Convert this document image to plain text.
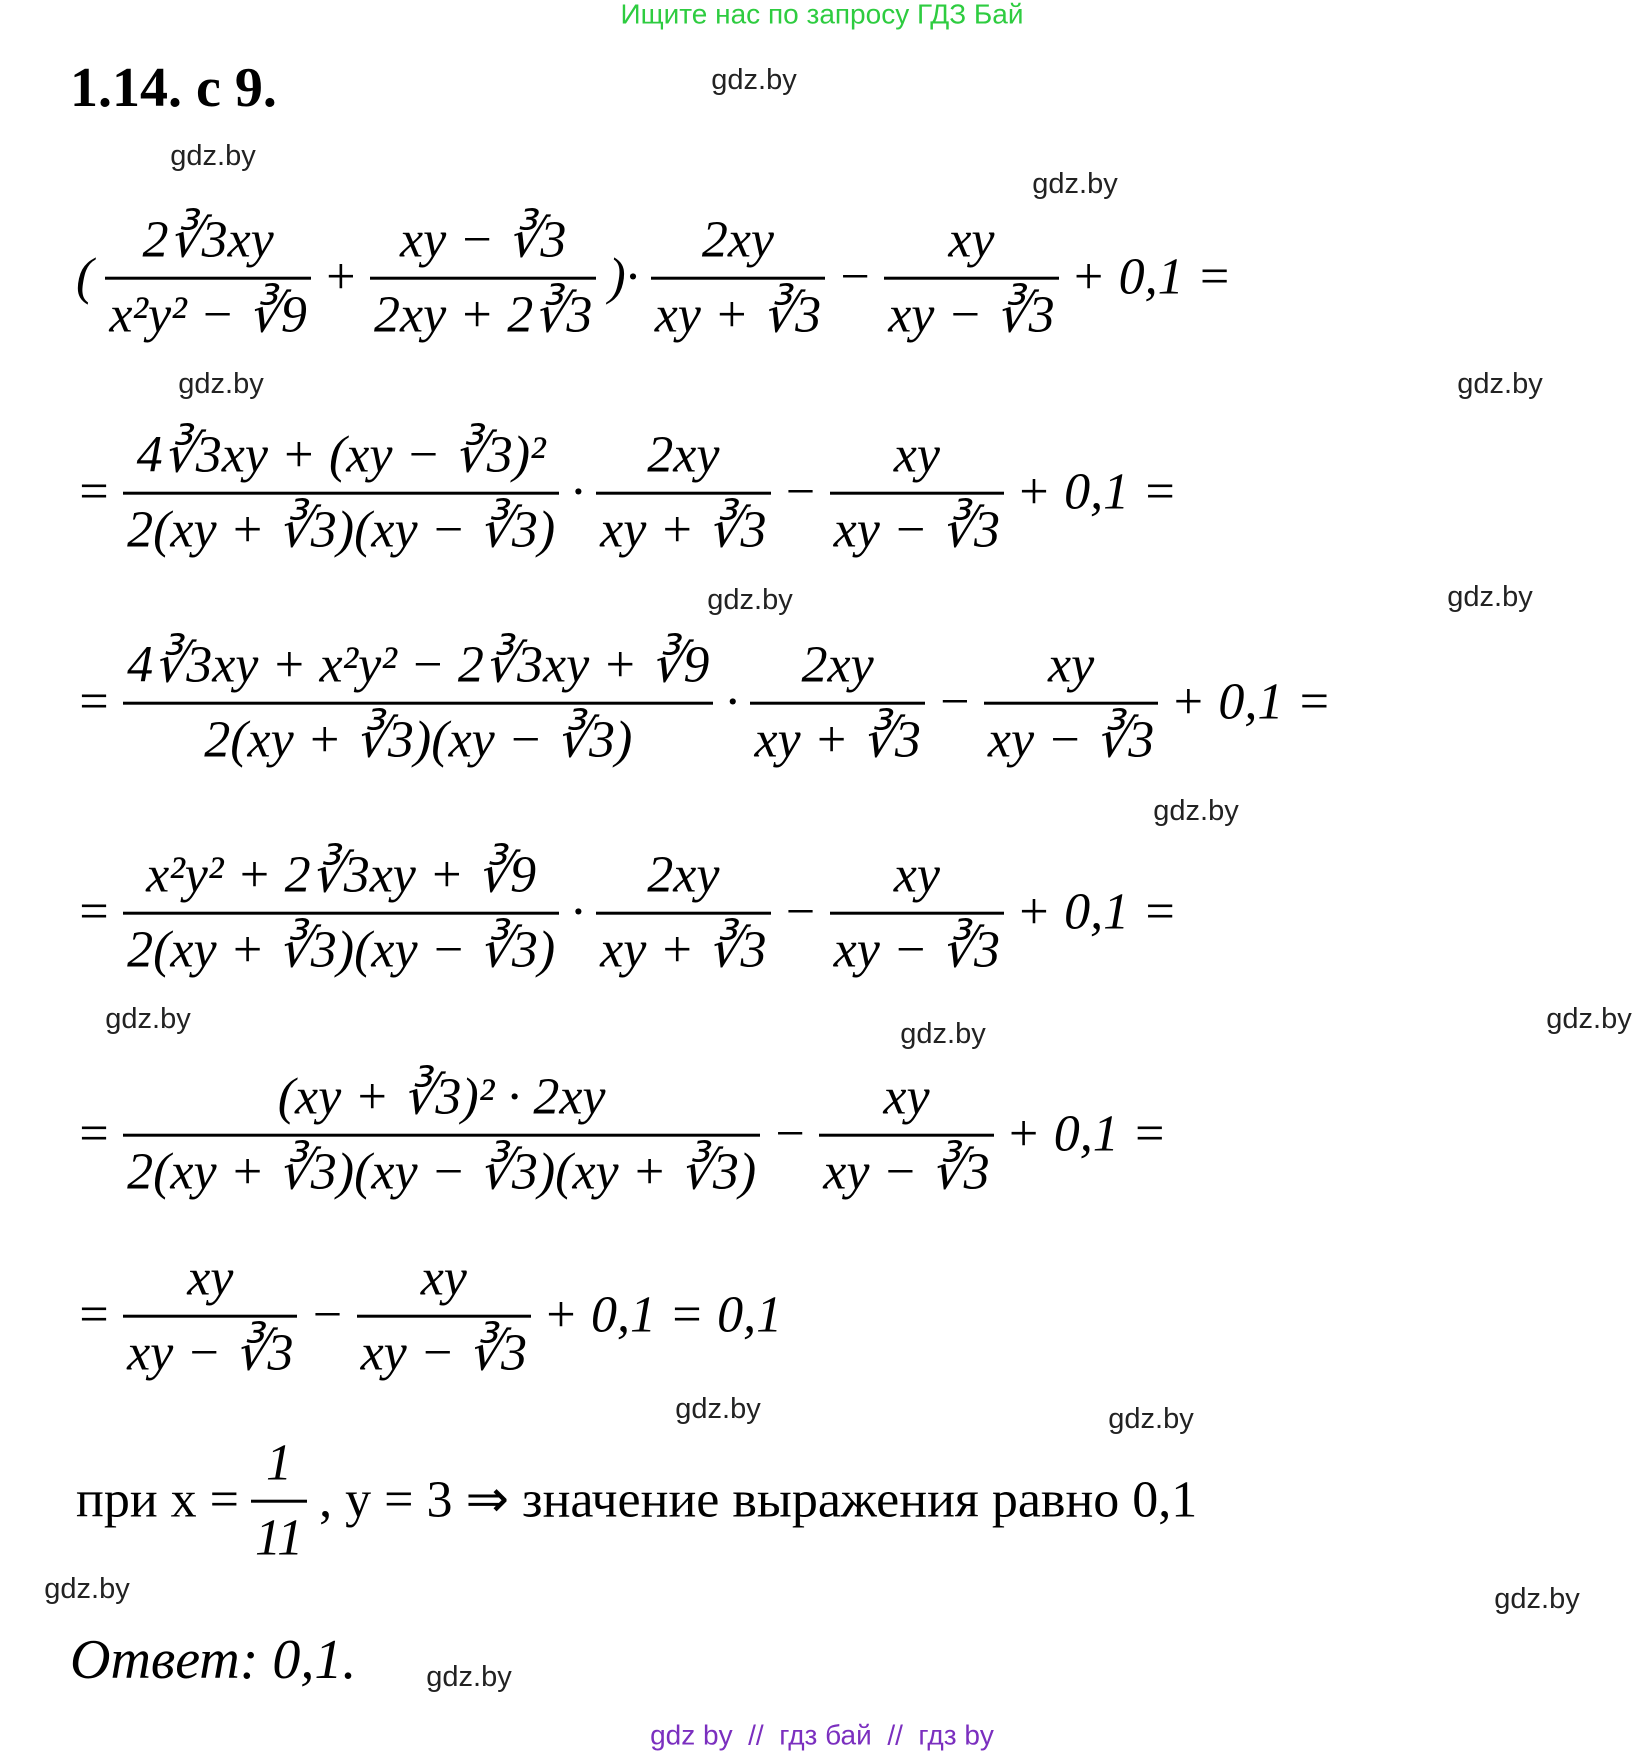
Ищите нас по запросу ГДЗ Бай
1.14. с 9.
( $\frac{2∛3xy}{\text{x²y² − ∛9}} + \frac{xy - ∛3}{2xy + 2∛3}$ )· $\frac{2xy}{xy + ∛3} - \frac{xy}{xy - ∛3} + 0,1$ =
= $\frac{\text{4∛3xy + (xy − ∛3)²}}{2(xy + ∛3)(xy - ∛3)} \cdot \frac{2xy}{xy + ∛3} - \frac{xy}{xy - ∛3} + 0,1$ =
= $\frac{\text{4∛3xy + x²y² − 2∛3xy + ∛9}}{2(xy + ∛3)(xy - ∛3)} \cdot \frac{2xy}{xy + ∛3} - \frac{xy}{xy - ∛3} + 0,1$ =
= $\frac{\text{x²y² + 2∛3xy + ∛9}}{2(xy + ∛3)(xy - ∛3)} \cdot \frac{2xy}{xy + ∛3} - \frac{xy}{xy - ∛3} + 0,1$ =
= $\frac{\text{(xy + ∛3)² · 2xy}}{2(xy + ∛3)(xy - ∛3)(xy + ∛3)} - \frac{xy}{xy - ∛3} + 0,1$ =
= $\frac{xy}{xy - ∛3} - \frac{xy}{xy - ∛3} + 0,1 = 0,1$
при $x = \frac{1}{11}$ , y = 3 ⇒ значение выражения равно 0,1
Ответ: 0,1.
gdz.by
gdz.by
gdz.by
gdz.by
gdz.by
gdz.by
gdz.by
gdz.by
gdz.by
gdz.by	gdz.by
gdz.by	gdz.by
gdz.by
gdz.by
gdz.by
gdz by  //  гдз бай  //  гдз by
